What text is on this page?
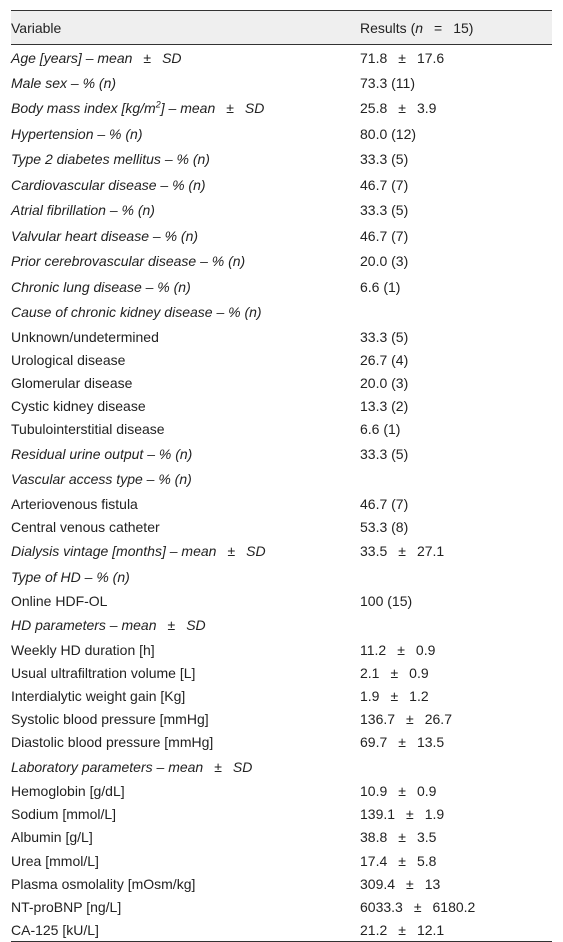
Variable	Results (n = 15)
Age [years] – mean ± SD	71.8 ± 17.6
Male sex – % (n)	73.3 (11)
Body mass index $[kg/m^2]$ – mean ± SD	25.8 ± 3.9
Hypertension – % (n)	80.0 (12)
Type 2 diabetes mellitus – % (n)	33.3 (5)
Cardiovascular disease – % (n)	46.7 (7)
Atrial fibrillation – % (n)	33.3 (5)
Valvular heart disease – % (n)	46.7 (7)
Prior cerebrovascular disease – % (n)	20.0 (3)
Chronic lung disease – % (n)	6.6 (1)
Cause of chronic kidney disease – % (n)	
Unknown/undetermined	33.3 (5)
Urological disease	26.7 (4)
Glomerular disease	20.0 (3)
Cystic kidney disease	13.3 (2)
Tubulointerstitial disease	6.6 (1)
Residual urine output – % (n)	33.3 (5)
Vascular access type – % (n)	
Arteriovenous fistula	46.7 (7)
Central venous catheter	53.3 (8)
Dialysis vintage [months] – mean ± SD	33.5 ± 27.1
Type of HD – % (n)	
Online HDF-OL	100 (15)
HD parameters – mean ± SD	
Weekly HD duration [h]	11.2 ± 0.9
Usual ultrafiltration volume [L]	2.1 ± 0.9
Interdialytic weight gain [Kg]	1.9 ± 1.2
Systolic blood pressure [mmHg]	136.7 ± 26.7
Diastolic blood pressure [mmHg]	69.7 ± 13.5
Laboratory parameters – mean ± SD	
Hemoglobin [g/dL]	10.9 ± 0.9
Sodium [mmol/L]	139.1 ± 1.9
Albumin [g/L]	38.8 ± 3.5
Urea [mmol/L]	17.4 ± 5.8
Plasma osmolality [mOsm/kg]	309.4 ± 13
NT-proBNP [ng/L]	6033.3 ± 6180.2
CA-125 [kU/L]	21.2 ± 12.1
